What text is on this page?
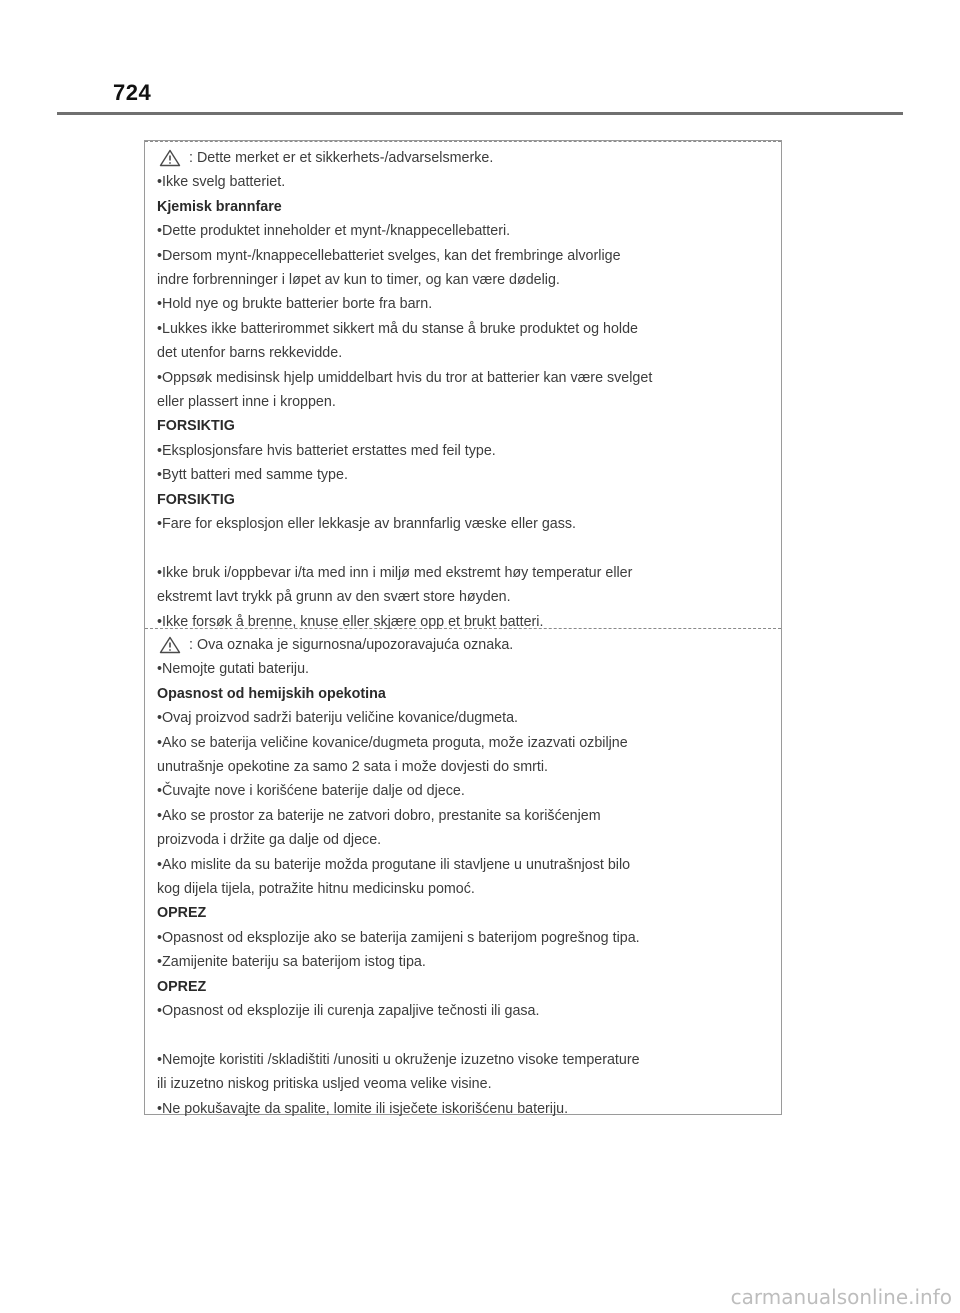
724
: Dette merket er et sikkerhets-/advarselsmerke.
•Ikke svelg batteriet.
Kjemisk brannfare
•Dette produktet inneholder et mynt-/knappecellebatteri.
•Dersom mynt-/knappecellebatteriet svelges, kan det frembringe alvorlige
indre forbrenninger i løpet av kun to timer, og kan være dødelig.
•Hold nye og brukte batterier borte fra barn.
•Lukkes ikke batterirommet sikkert må du stanse å bruke produktet og holde
det utenfor barns rekkevidde.
•Oppsøk medisinsk hjelp umiddelbart hvis du tror at batterier kan være svelget
eller plassert inne i kroppen.
FORSIKTIG
•Eksplosjonsfare hvis batteriet erstattes med feil type.
•Bytt batteri med samme type.
FORSIKTIG
•Fare for eksplosjon eller lekkasje av brannfarlig væske eller gass.
•Ikke bruk i/oppbevar i/ta med inn i miljø med ekstremt høy temperatur eller
ekstremt lavt trykk på grunn av den svært store høyden.
•Ikke forsøk å brenne, knuse eller skjære opp et brukt batteri.
: Ova oznaka je sigurnosna/upozoravajuća oznaka.
•Nemojte gutati bateriju.
Opasnost od hemijskih opekotina
•Ovaj proizvod sadrži bateriju veličine kovanice/dugmeta.
•Ako se baterija veličine kovanice/dugmeta proguta, može izazvati ozbiljne
unutrašnje opekotine za samo 2 sata i može dovjesti do smrti.
•Čuvajte nove i korišćene baterije dalje od djece.
•Ako se prostor za baterije ne zatvori dobro, prestanite sa korišćenjem
proizvoda i držite ga dalje od djece.
•Ako mislite da su baterije možda progutane ili stavljene u unutrašnjost bilo
kog dijela tijela, potražite hitnu medicinsku pomoć.
OPREZ
•Opasnost od eksplozije ako se baterija zamijeni s baterijom pogrešnog tipa.
•Zamijenite bateriju sa baterijom istog tipa.
OPREZ
•Opasnost od eksplozije ili curenja zapaljive tečnosti ili gasa.
•Nemojte koristiti /skladištiti /unositi u okruženje izuzetno visoke temperature
ili izuzetno niskog pritiska usljed veoma velike visine.
•Ne pokušavajte da spalite, lomite ili isječete iskorišćenu bateriju.
carmanualsonline.info
